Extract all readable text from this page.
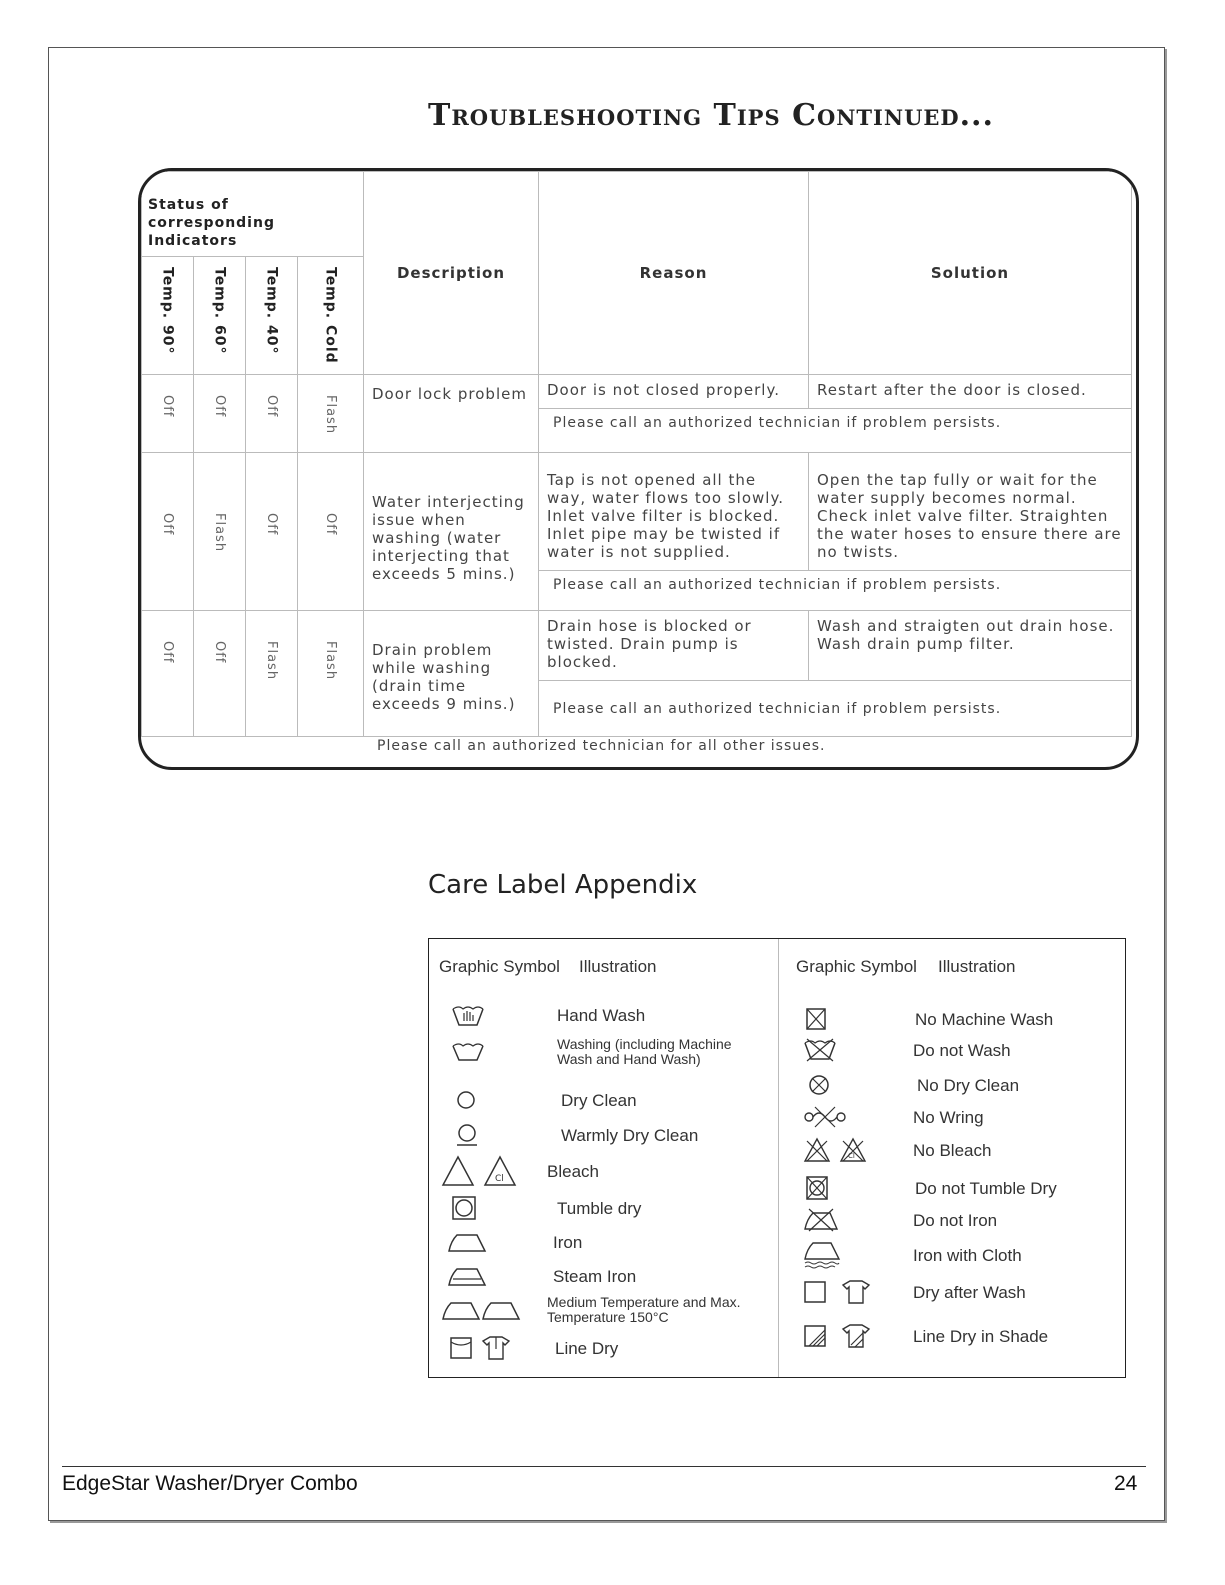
Troubleshooting Tips Continued...
Status of corresponding Indicators				Description	Reason	Solution

Temp. 90°	Temp. 60°	Temp. 40°	Temp. Cold			

Off	Off	Off	Flash	Door lock problem	Door is not closed properly.	Restart after the door is closed.
					Please call an authorized technician if problem persists.	

Off	Flash	Off	Off	Water interjecting issue when washing (water interjecting that exceeds 5 mins.)	Tap is not opened all the way, water flows too slowly. Inlet valve filter is blocked. Inlet pipe may be twisted if water is not supplied.	Open the tap fully or wait for the water supply becomes normal. Check inlet valve filter. Straighten the water hoses to ensure there are no twists.
					Please call an authorized technician if problem persists.	

Off	Off	Flash	Flash	Drain problem while washing (drain time exceeds 9 mins.)	Drain hose is blocked or twisted. Drain pump is blocked.	Wash and straigten out drain hose. Wash drain pump filter.
					Please call an authorized technician if problem persists.	
Please call an authorized technician for all other issues.
Care Label Appendix
Graphic Symbol Illustration	Graphic Symbol Illustration
Hand Wash
Washing (including Machine Wash and Hand Wash)
Dry Clean
Warmly Dry Clean
Cl	Bleach
Tumble dry
Iron
Steam Iron
Medium Temperature and Max. Temperature 150°C
Line Dry
No Machine Wash
Do not Wash
No Dry Clean
No Wring
Cl	No Bleach
Do not Tumble Dry
Do not Iron
Iron with Cloth
Dry after Wash
Line Dry in Shade
EdgeStar Washer/Dryer Combo	24
